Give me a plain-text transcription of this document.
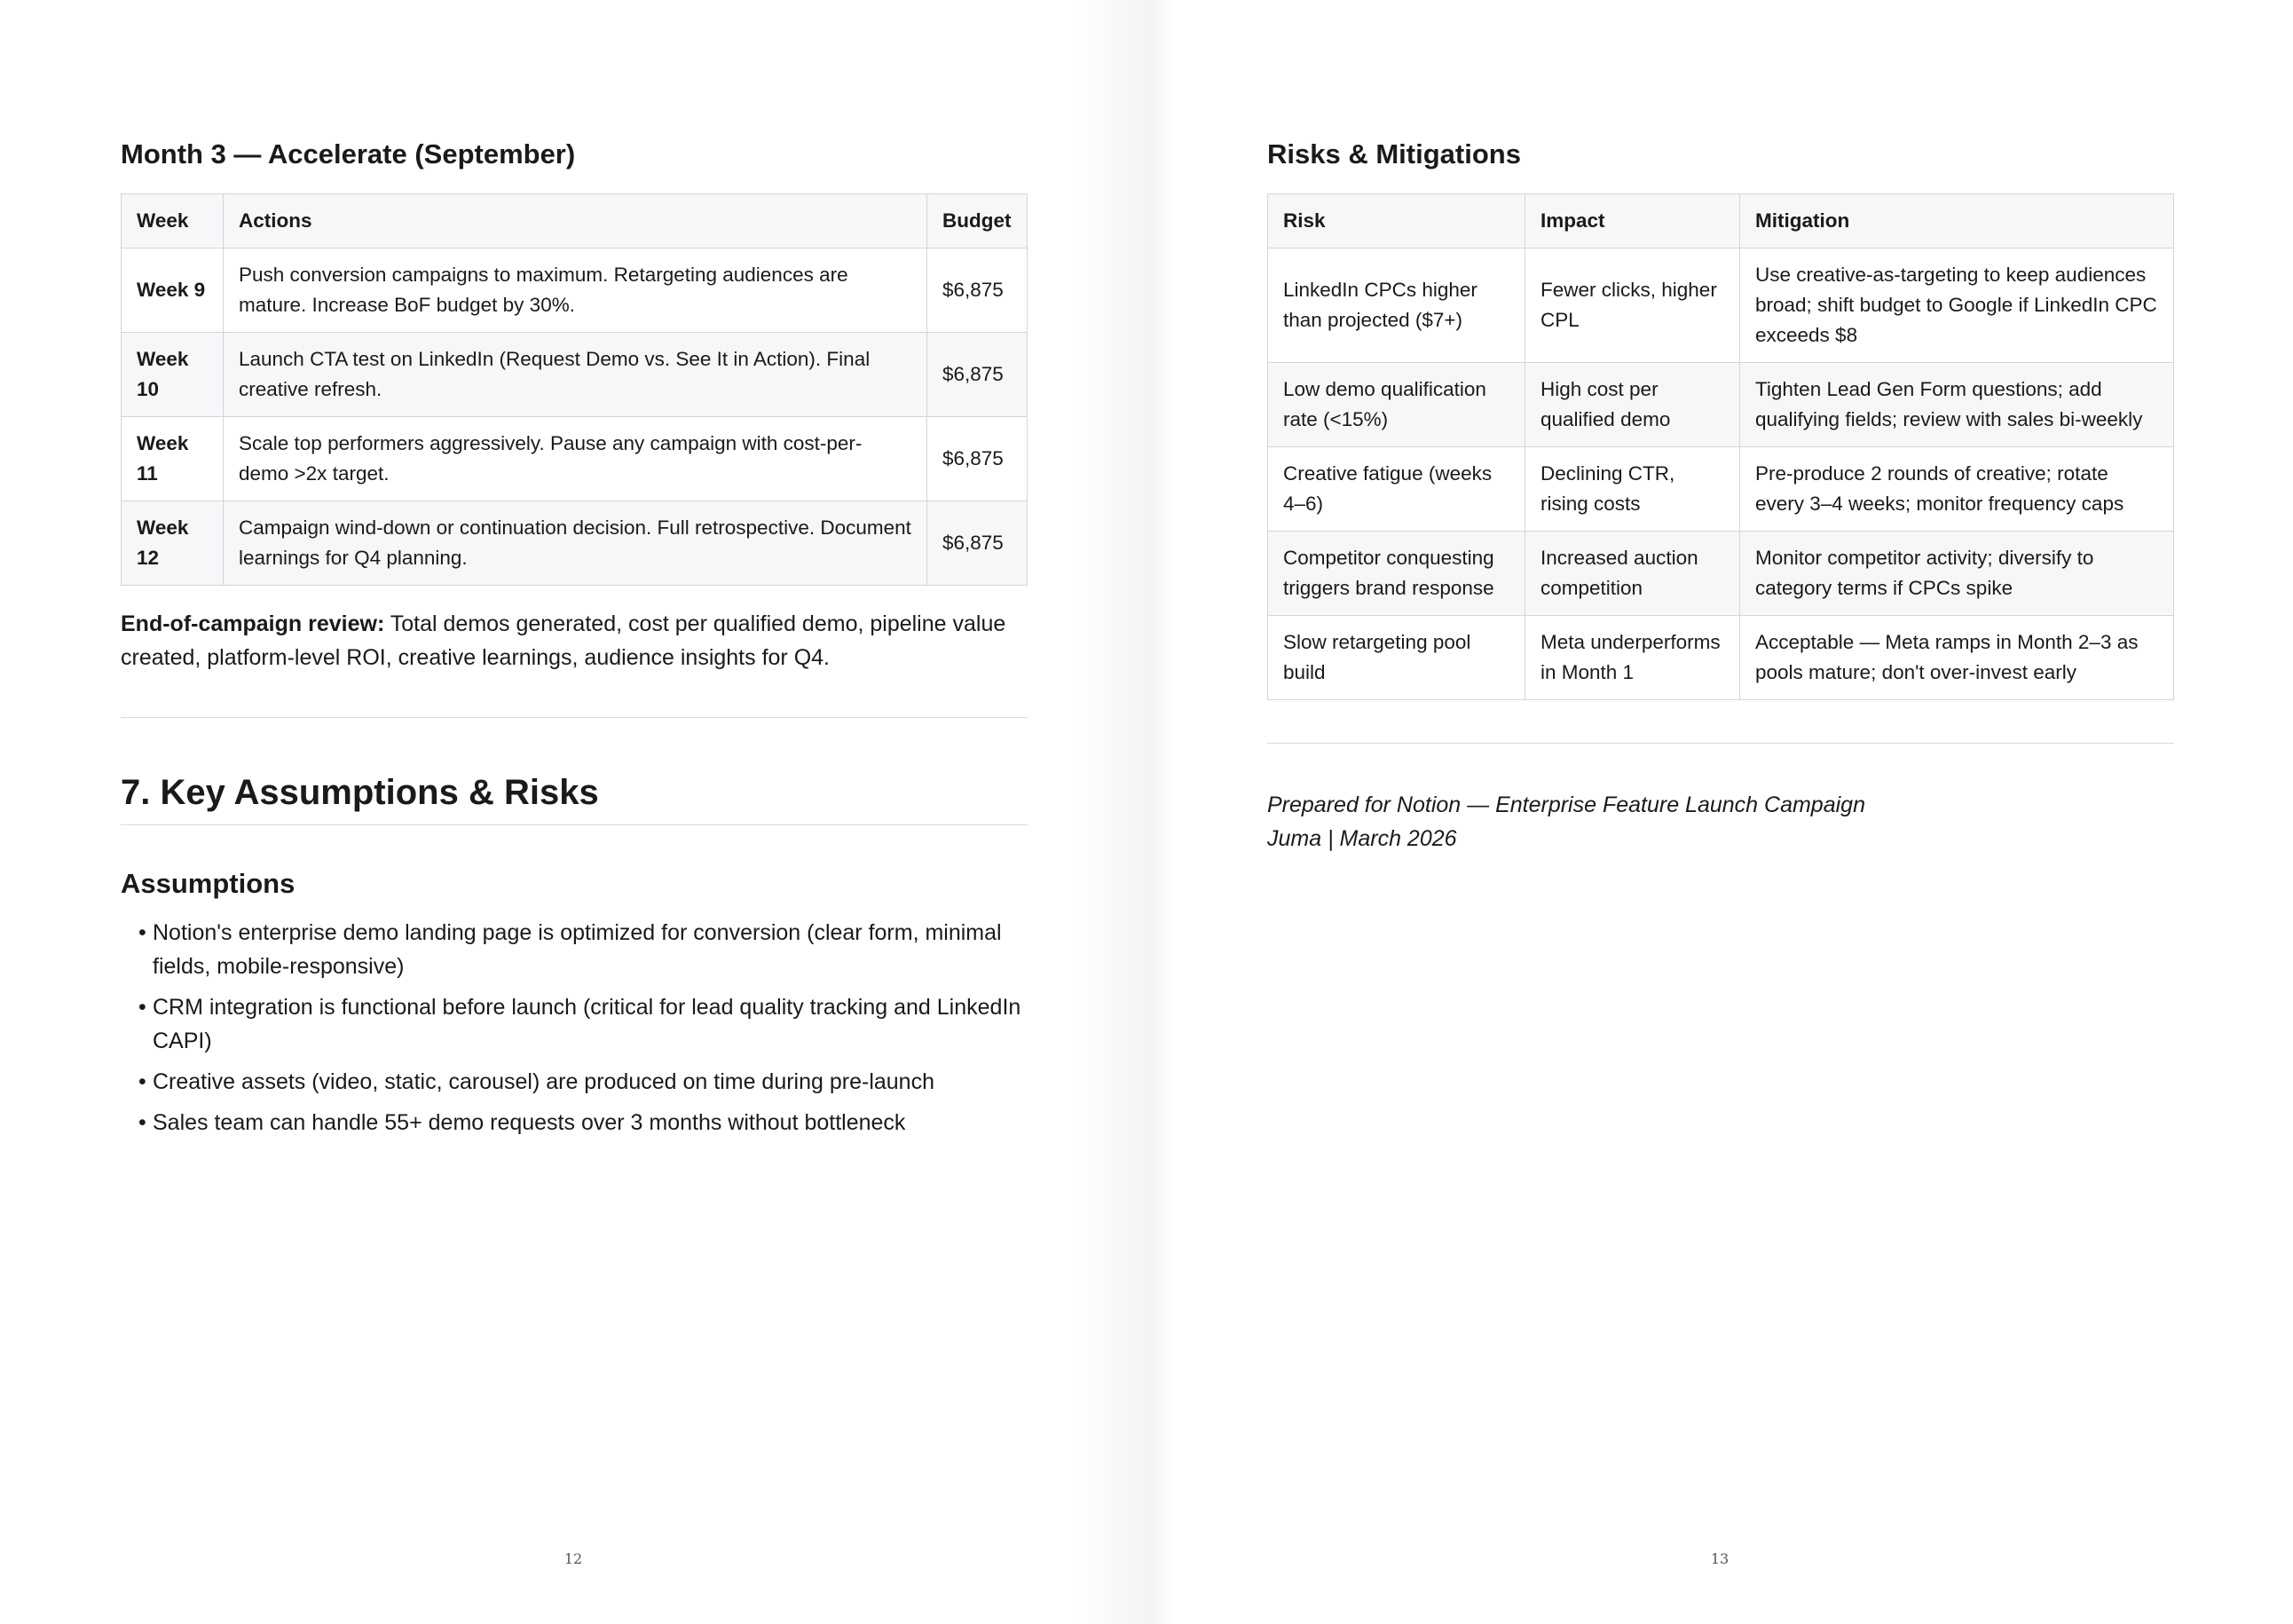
Month 3 — Accelerate (September)
Week	Actions	Budget
Week 9	Push conversion campaigns to maximum. Retargeting audiences are mature. Increase BoF budget by 30%.	$6,875
Week 10	Launch CTA test on LinkedIn (Request Demo vs. See It in Action). Final creative refresh.	$6,875
Week 11	Scale top performers aggressively. Pause any campaign with cost-per-demo >2x target.	$6,875
Week 12	Campaign wind-down or continuation decision. Full retrospective. Document learnings for Q4 planning.	$6,875

End-of-campaign review: Total demos generated, cost per qualified demo, pipeline value created, platform-level ROI, creative learnings, audience insights for Q4.

7. Key Assumptions & Risks
Assumptions
• Notion's enterprise demo landing page is optimized for conversion (clear form, minimal fields, mobile-responsive)
• CRM integration is functional before launch (critical for lead quality tracking and LinkedIn CAPI)
• Creative assets (video, static, carousel) are produced on time during pre-launch
• Sales team can handle 55+ demo requests over 3 months without bottleneck
12
Risks & Mitigations
Risk	Impact	Mitigation
LinkedIn CPCs higher than projected ($7+)	Fewer clicks, higher CPL	Use creative-as-targeting to keep audiences broad; shift budget to Google if LinkedIn CPC exceeds $8
Low demo qualification rate (<15%)	High cost per qualified demo	Tighten Lead Gen Form questions; add qualifying fields; review with sales bi-weekly
Creative fatigue (weeks 4–6)	Declining CTR, rising costs	Pre-produce 2 rounds of creative; rotate every 3–4 weeks; monitor frequency caps
Competitor conquesting triggers brand response	Increased auction competition	Monitor competitor activity; diversify to category terms if CPCs spike
Slow retargeting pool build	Meta underperforms in Month 1	Acceptable — Meta ramps in Month 2–3 as pools mature; don't over-invest early
Prepared for Notion — Enterprise Feature Launch Campaign
Juma | March 2026
13
